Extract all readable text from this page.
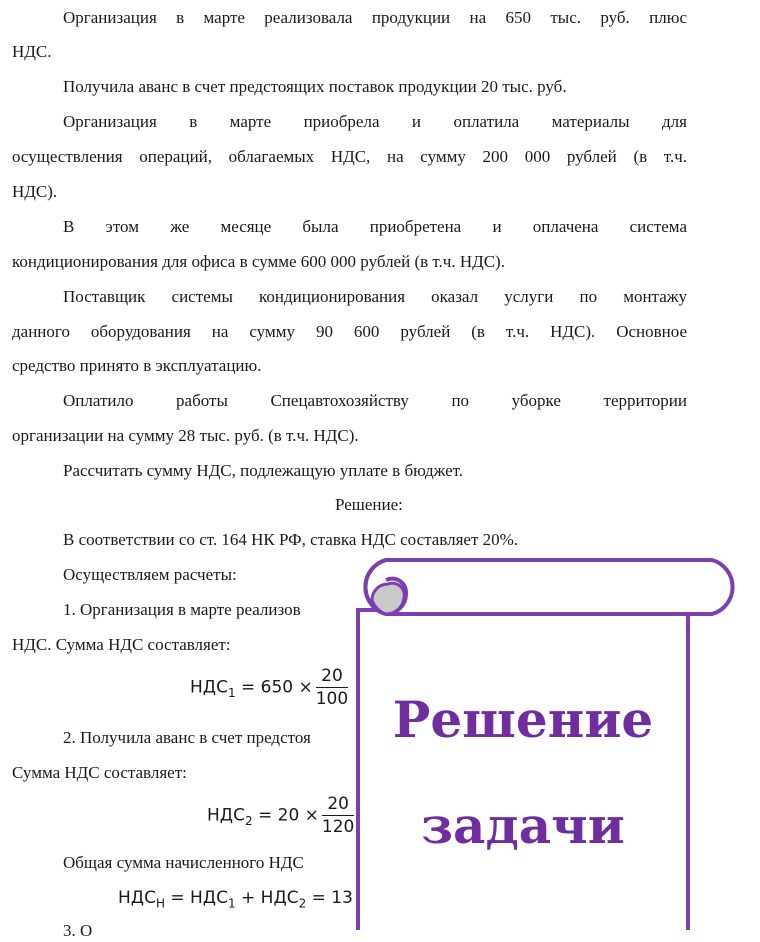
Организация в марте реализовала продукции на 650 тыс. руб. плюс
НДС.
Получила аванс в счет предстоящих поставок продукции 20 тыс. руб.
Организация в марте приобрела и оплатила материалы для
осуществления операций, облагаемых НДС, на сумму 200 000 рублей (в т.ч.
НДС).
В этом же месяце была приобретена и оплачена система
кондиционирования для офиса в сумме 600 000 рублей (в т.ч. НДС).
Поставщик системы кондиционирования оказал услуги по монтажу
данного оборудования на сумму 90 600 рублей (в т.ч. НДС). Основное
средство принято в эксплуатацию.
Оплатило работы Спецавтохозяйству по уборке территории
организации на сумму 28 тыс. руб. (в т.ч. НДС).
Рассчитать сумму НДС, подлежащую уплате в бюджет.
Решение:
В соответствии со ст. 164 НК РФ, ставка НДС составляет 20%.
Осуществляем расчеты:
1. Организация в марте реализов
НДС. Сумма НДС составляет:
$НДС_1 = 650 \times \frac{20}{100}$
2. Получила аванс в счет предстоя
Сумма НДС составляет:
$НДС_2 = 20 \times \frac{20}{120}$
Общая сумма начисленного НДС
$НДС_Н = НДС_1 + НДС_2 = 13$
3. О
Решение
задачи
